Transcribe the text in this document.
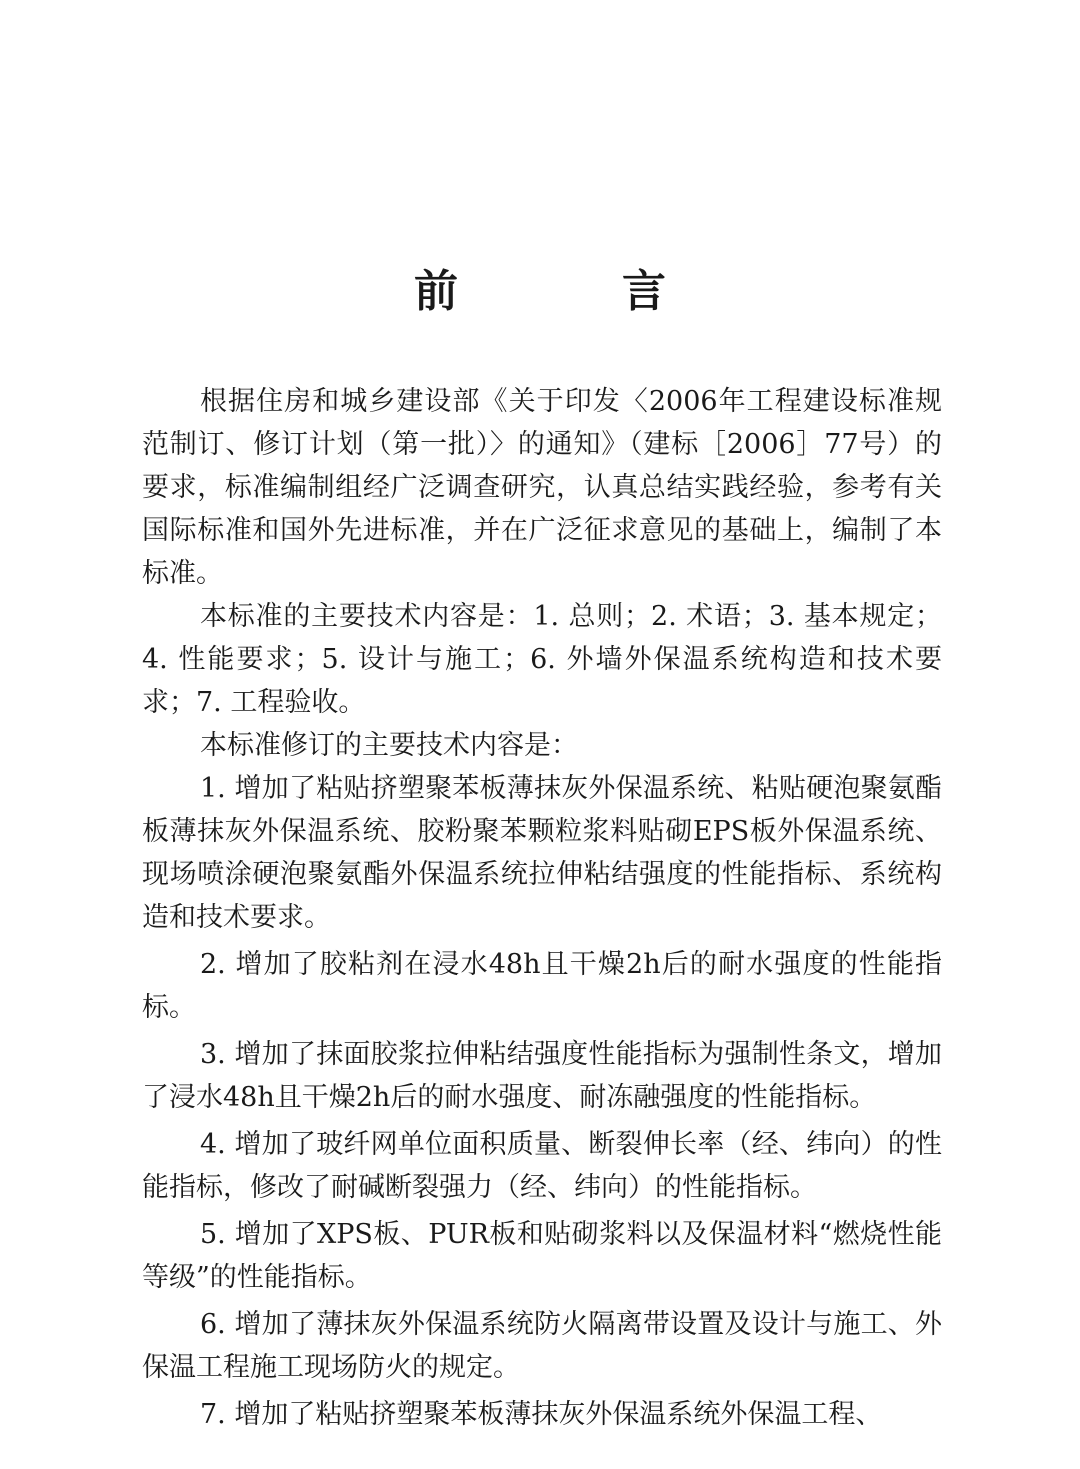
前　言

根据住房和城乡建设部《关于印发〈2006年工程建设标准规范制订、修订计划（第一批）〉的通知》（建标［2006］77号）的要求，标准编制组经广泛调查研究，认真总结实践经验，参考有关国际标准和国外先进标准，并在广泛征求意见的基础上，编制了本标准。

本标准的主要技术内容是：1. 总则；2. 术语；3. 基本规定；4. 性能要求；5. 设计与施工；6. 外墙外保温系统构造和技术要求；7. 工程验收。

本标准修订的主要技术内容是：

1. 增加了粘贴挤塑聚苯板薄抹灰外保温系统、粘贴硬泡聚氨酯板薄抹灰外保温系统、胶粉聚苯颗粒浆料贴砌EPS板外保温系统、现场喷涂硬泡聚氨酯外保温系统拉伸粘结强度的性能指标、系统构造和技术要求。

2. 增加了胶粘剂在浸水48h且干燥2h后的耐水强度的性能指标。

3. 增加了抹面胶浆拉伸粘结强度性能指标为强制性条文，增加了浸水48h且干燥2h后的耐水强度、耐冻融强度的性能指标。

4. 增加了玻纤网单位面积质量、断裂伸长率（经、纬向）的性能指标，修改了耐碱断裂强力（经、纬向）的性能指标。

5. 增加了XPS板、PUR板和贴砌浆料以及保温材料“燃烧性能等级”的性能指标。

6. 增加了薄抹灰外保温系统防火隔离带设置及设计与施工、外保温工程施工现场防火的规定。

7. 增加了粘贴挤塑聚苯板薄抹灰外保温系统外保温工程、
